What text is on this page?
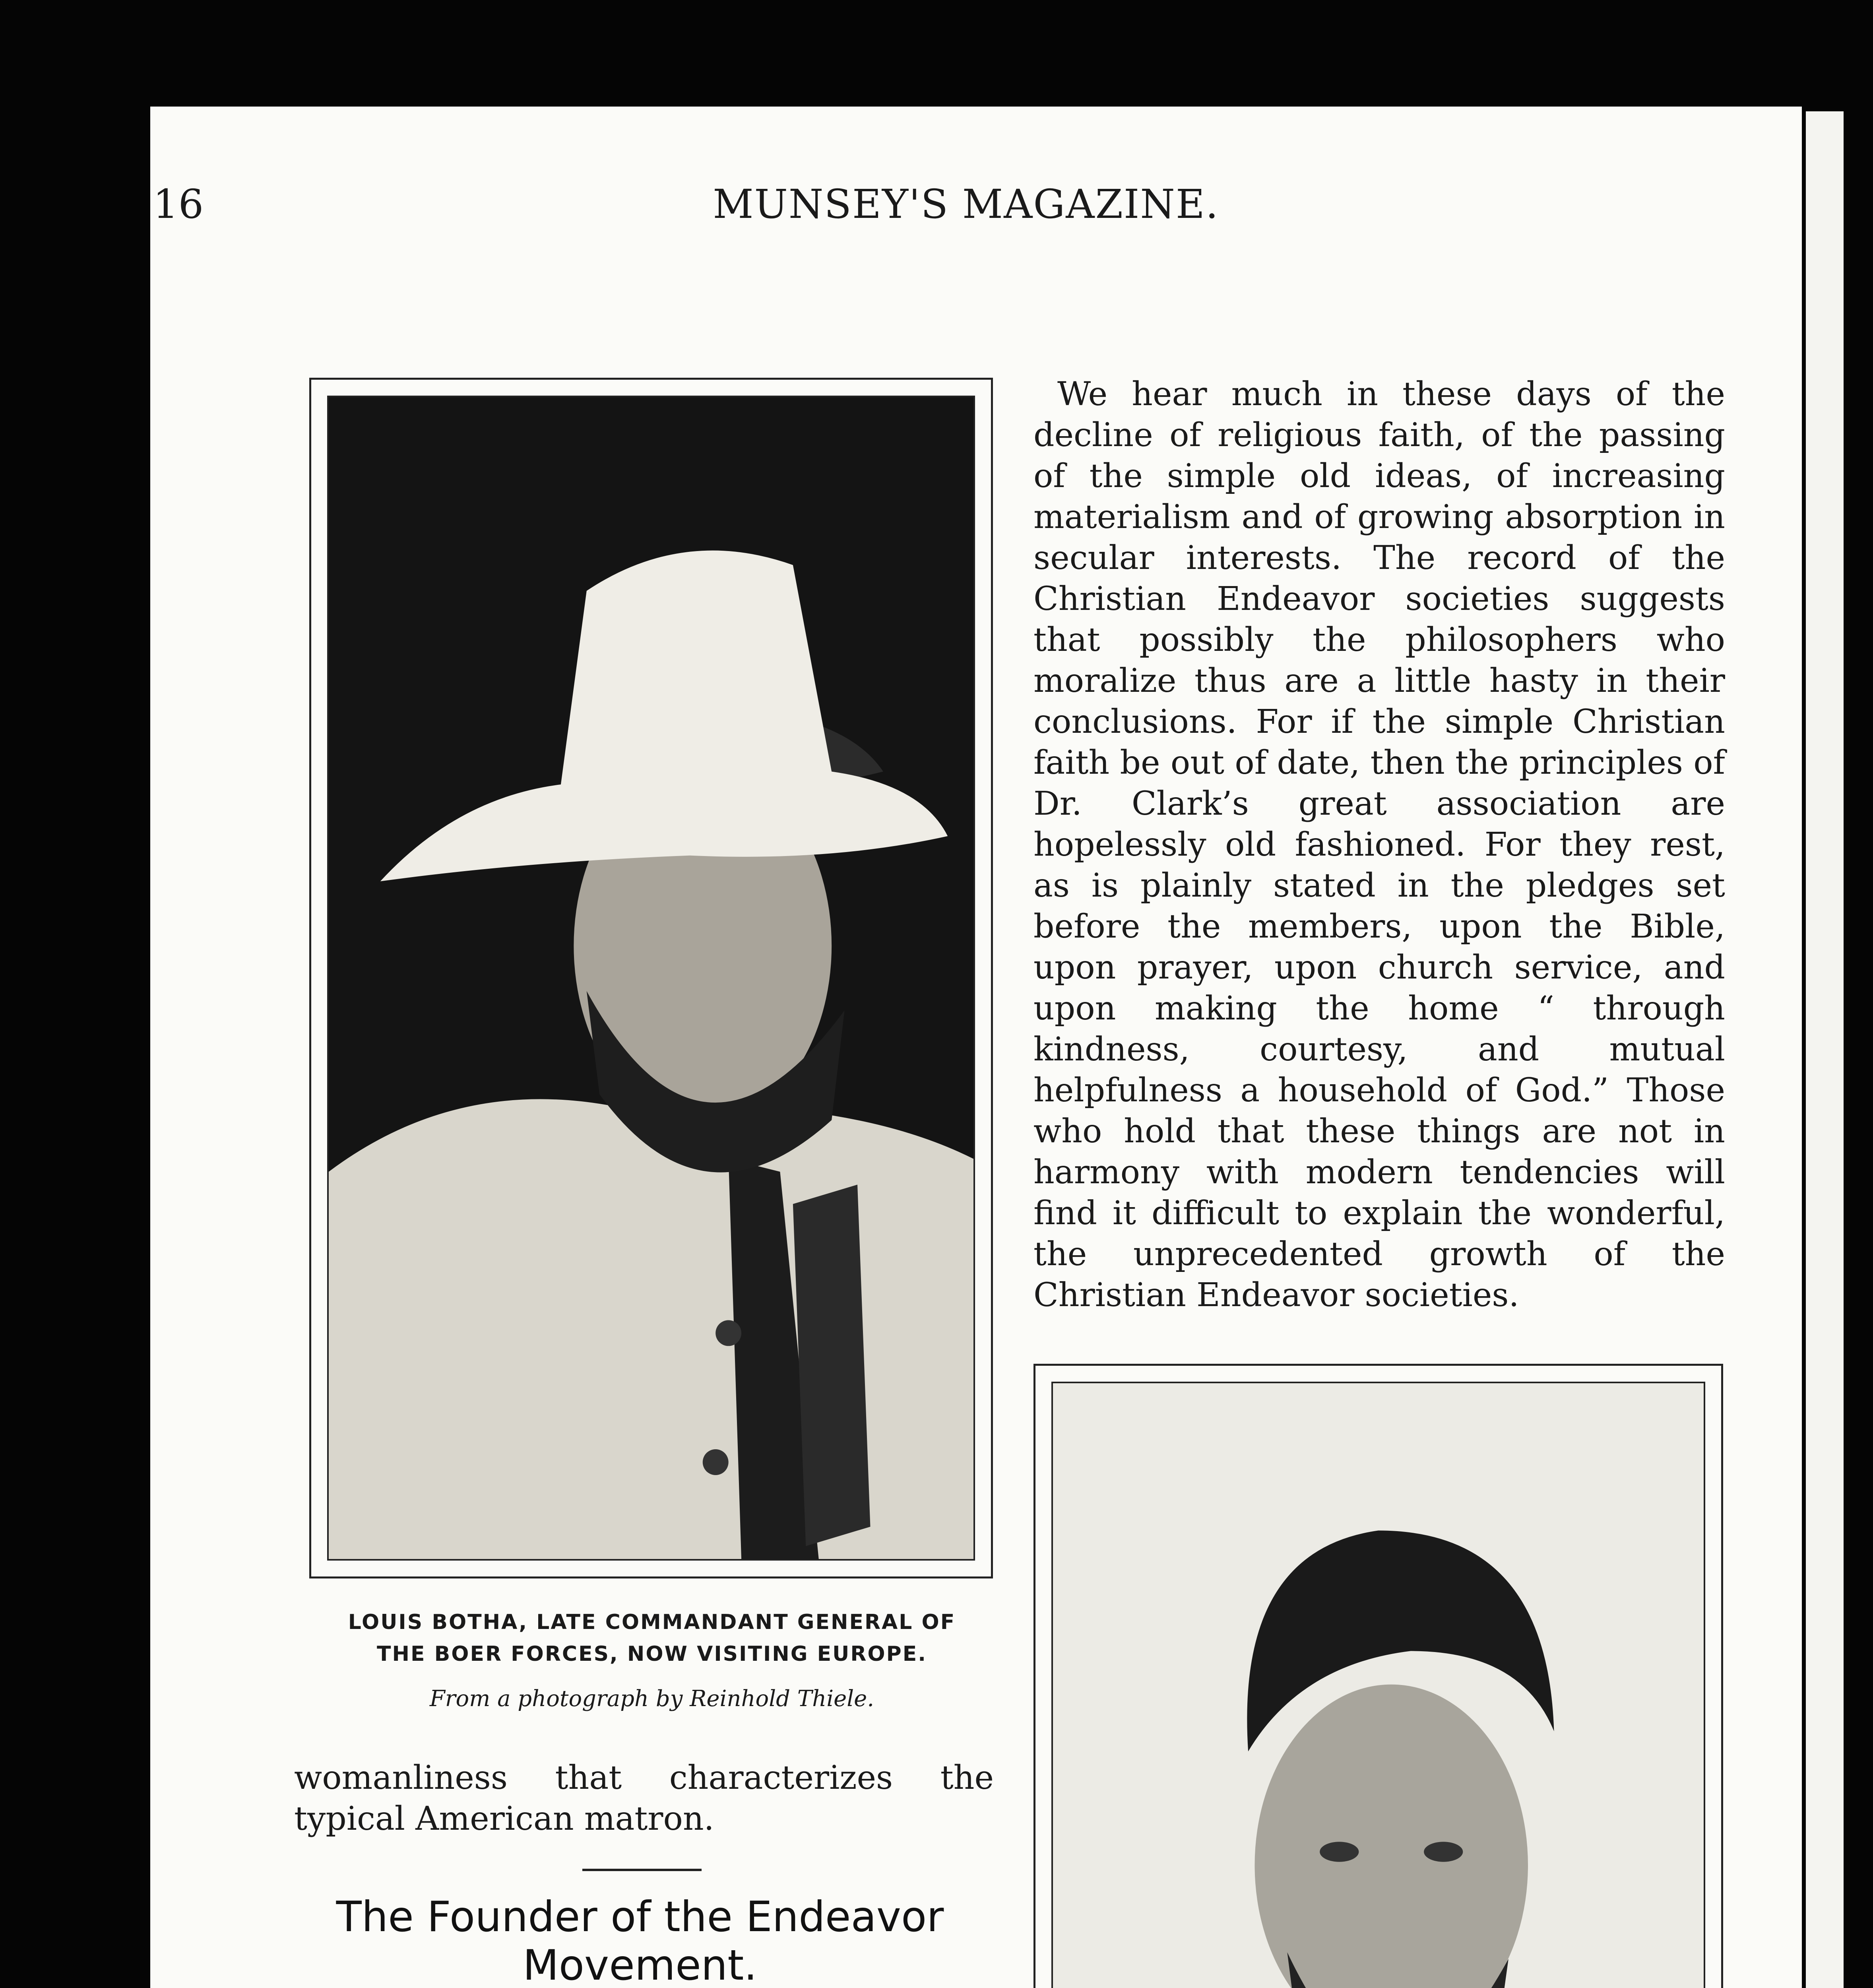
16	MUNSEY'S MAGAZINE.
LOUIS BOTHA, LATE COMMANDANT GENERAL OF
THE BOER FORCES, NOW VISITING EUROPE.
From a photograph by Reinhold Thiele.

womanliness that characterizes the typical American matron.

The Founder of the Endeavor
Movement.

We hear much in these days of the decline of religious faith, of the passing of the simple old ideas, of increasing materialism and of growing absorption in secular interests. The record of the Christian Endeavor societies suggests that possibly the philosophers who moralize thus are a little hasty in their conclusions. For if the simple Christian faith be out of date, then the principles of Dr. Clark’s great association are hopelessly old fashioned. For they rest, as is plainly stated in the pledges set before the members, upon the Bible, upon prayer, upon church service, and upon making the home “ through kindness, courtesy, and mutual helpfulness a household of God.” Those who hold that these things are not in harmony with modern tendencies will find it difficult to explain the wonderful, the unprecedented growth of the Christian Endeavor societies.
